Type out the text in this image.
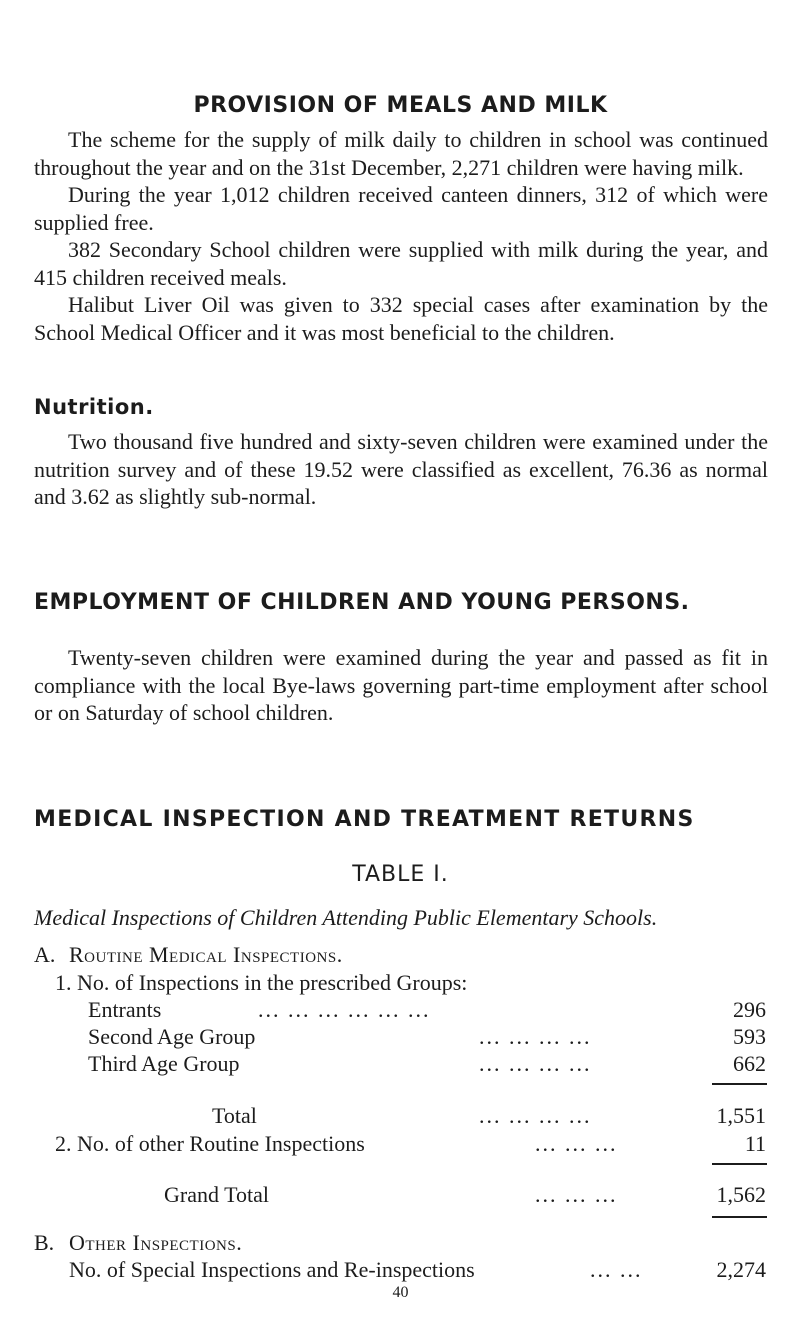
PROVISION OF MEALS AND MILK

The scheme for the supply of milk daily to children in school was continued throughout the year and on the 31st December, 2,271 children were having milk.

During the year 1,012 children received canteen dinners, 312 of which were supplied free.

382 Secondary School children were supplied with milk during the year, and 415 children received meals.

Halibut Liver Oil was given to 332 special cases after examination by the School Medical Officer and it was most beneficial to the children.

Nutrition.

Two thousand five hundred and sixty-seven children were examined under the nutrition survey and of these 19.52 were classified as excellent, 76.36 as normal and 3.62 as slightly sub-normal.

EMPLOYMENT OF CHILDREN AND YOUNG PERSONS.

Twenty-seven children were examined during the year and passed as fit in compliance with the local Bye-laws governing part-time employment after school or on Saturday of school children.

MEDICAL INSPECTION AND TREATMENT RETURNS
TABLE I.
Medical Inspections of Children Attending Public Elementary Schools.
A. Routine Medical Inspections.
1. No. of Inspections in the prescribed Groups:
Entrants	... ... ... ... ... ...	296
Second Age Group	... ... ... ...	593
Third Age Group	... ... ... ...	662
Total	... ... ... ...	1,551
2. No. of other Routine Inspections	... ... ...	11
Grand Total	... ... ...	1,562
B. Other Inspections.
No. of Special Inspections and Re-inspections	... ...	2,274
40
